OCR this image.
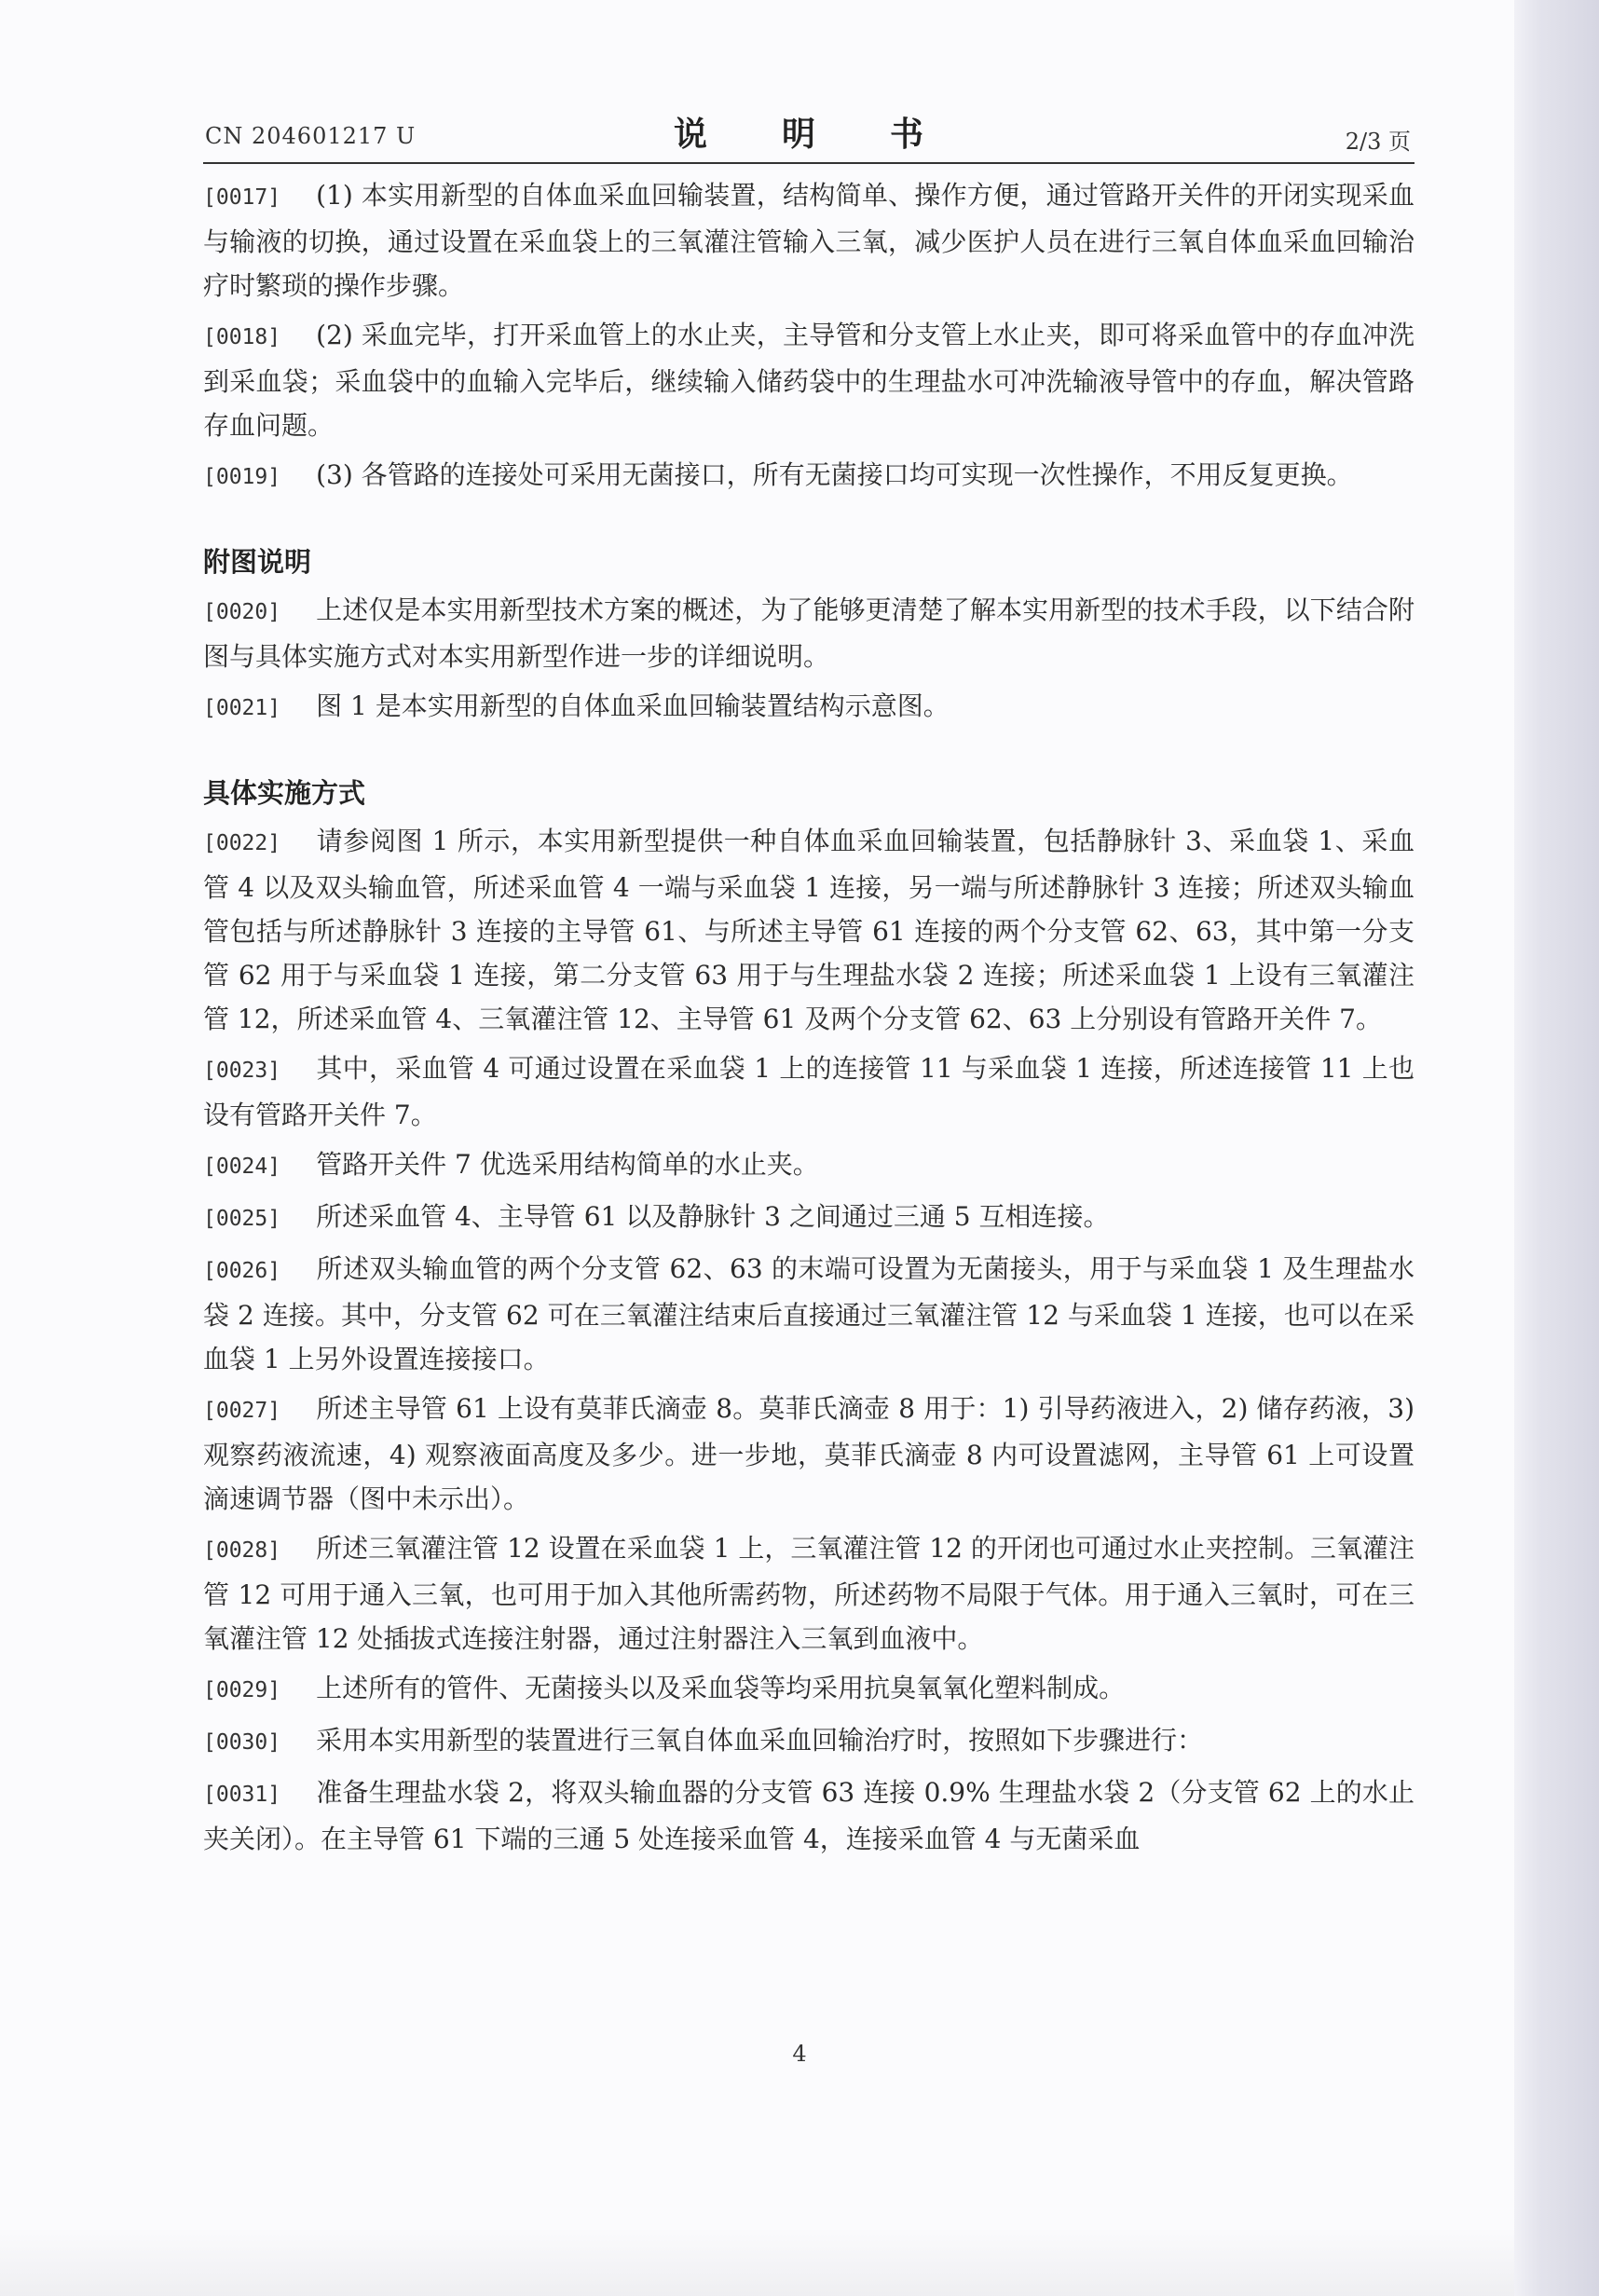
CN 204601217 U	说　明　书	2/3 页

[0017] (1) 本实用新型的自体血采血回输装置，结构简单、操作方便，通过管路开关件的开闭实现采血与输液的切换，通过设置在采血袋上的三氧灌注管输入三氧，减少医护人员在进行三氧自体血采血回输治疗时繁琐的操作步骤。

[0018] (2) 采血完毕，打开采血管上的水止夹，主导管和分支管上水止夹，即可将采血管中的存血冲洗到采血袋；采血袋中的血输入完毕后，继续输入储药袋中的生理盐水可冲洗输液导管中的存血，解决管路存血问题。

[0019] (3) 各管路的连接处可采用无菌接口，所有无菌接口均可实现一次性操作，不用反复更换。

附图说明

[0020] 上述仅是本实用新型技术方案的概述，为了能够更清楚了解本实用新型的技术手段，以下结合附图与具体实施方式对本实用新型作进一步的详细说明。

[0021] 图 1 是本实用新型的自体血采血回输装置结构示意图。

具体实施方式

[0022] 请参阅图 1 所示，本实用新型提供一种自体血采血回输装置，包括静脉针 3、采血袋 1、采血管 4 以及双头输血管，所述采血管 4 一端与采血袋 1 连接，另一端与所述静脉针 3 连接；所述双头输血管包括与所述静脉针 3 连接的主导管 61、与所述主导管 61 连接的两个分支管 62、63，其中第一分支管 62 用于与采血袋 1 连接，第二分支管 63 用于与生理盐水袋 2 连接；所述采血袋 1 上设有三氧灌注管 12，所述采血管 4、三氧灌注管 12、主导管 61 及两个分支管 62、63 上分别设有管路开关件 7。

[0023] 其中，采血管 4 可通过设置在采血袋 1 上的连接管 11 与采血袋 1 连接，所述连接管 11 上也设有管路开关件 7。

[0024] 管路开关件 7 优选采用结构简单的水止夹。

[0025] 所述采血管 4、主导管 61 以及静脉针 3 之间通过三通 5 互相连接。

[0026] 所述双头输血管的两个分支管 62、63 的末端可设置为无菌接头，用于与采血袋 1 及生理盐水袋 2 连接。其中，分支管 62 可在三氧灌注结束后直接通过三氧灌注管 12 与采血袋 1 连接，也可以在采血袋 1 上另外设置连接接口。

[0027] 所述主导管 61 上设有莫菲氏滴壶 8。莫菲氏滴壶 8 用于：1) 引导药液进入，2) 储存药液，3) 观察药液流速，4) 观察液面高度及多少。进一步地，莫菲氏滴壶 8 内可设置滤网，主导管 61 上可设置滴速调节器（图中未示出）。

[0028] 所述三氧灌注管 12 设置在采血袋 1 上，三氧灌注管 12 的开闭也可通过水止夹控制。三氧灌注管 12 可用于通入三氧，也可用于加入其他所需药物，所述药物不局限于气体。用于通入三氧时，可在三氧灌注管 12 处插拔式连接注射器，通过注射器注入三氧到血液中。

[0029] 上述所有的管件、无菌接头以及采血袋等均采用抗臭氧氧化塑料制成。

[0030] 采用本实用新型的装置进行三氧自体血采血回输治疗时，按照如下步骤进行：

[0031] 准备生理盐水袋 2，将双头输血器的分支管 63 连接 0.9% 生理盐水袋 2（分支管 62 上的水止夹关闭）。在主导管 61 下端的三通 5 处连接采血管 4，连接采血管 4 与无菌采血

4
